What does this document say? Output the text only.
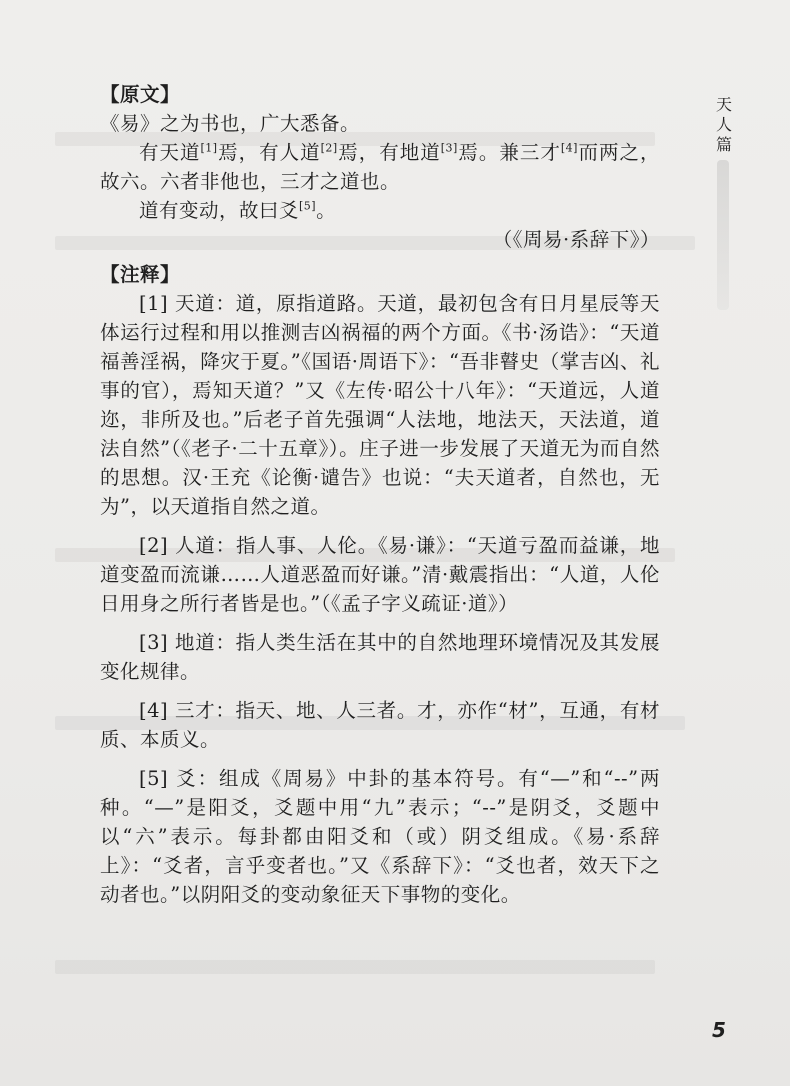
天
人
篇

【原文】

《易》之为书也，广大悉备。

有天道[1]焉，有人道[2]焉，有地道[3]焉。兼三才[4]而两之，故六。六者非他也，三才之道也。

道有变动，故曰爻[5]。

（《周易·系辞下》）

【注释】

[1] 天道：道，原指道路。天道，最初包含有日月星辰等天体运行过程和用以推测吉凶祸福的两个方面。《书·汤诰》：“天道福善淫祸，降灾于夏。”《国语·周语下》：“吾非瞽史（掌吉凶、礼事的官），焉知天道？”又《左传·昭公十八年》：“天道远，人道迩，非所及也。”后老子首先强调“人法地，地法天，天法道，道法自然”（《老子·二十五章》）。庄子进一步发展了天道无为而自然的思想。汉·王充《论衡·谴告》也说：“夫天道者，自然也，无为”，以天道指自然之道。

[2] 人道：指人事、人伦。《易·谦》：“天道亏盈而益谦，地道变盈而流谦……人道恶盈而好谦。”清·戴震指出：“人道，人伦日用身之所行者皆是也。”（《孟子字义疏证·道》）

[3] 地道：指人类生活在其中的自然地理环境情况及其发展变化规律。

[4] 三才：指天、地、人三者。才，亦作“材”，互通，有材质、本质义。

[5] 爻：组成《周易》中卦的基本符号。有“—”和“--”两种。“—”是阳爻，爻题中用“九”表示；“--”是阴爻，爻题中以“六”表示。每卦都由阳爻和（或）阴爻组成。《易·系辞上》：“爻者，言乎变者也。”又《系辞下》：“爻也者，效天下之动者也。”以阴阳爻的变动象征天下事物的变化。

5
